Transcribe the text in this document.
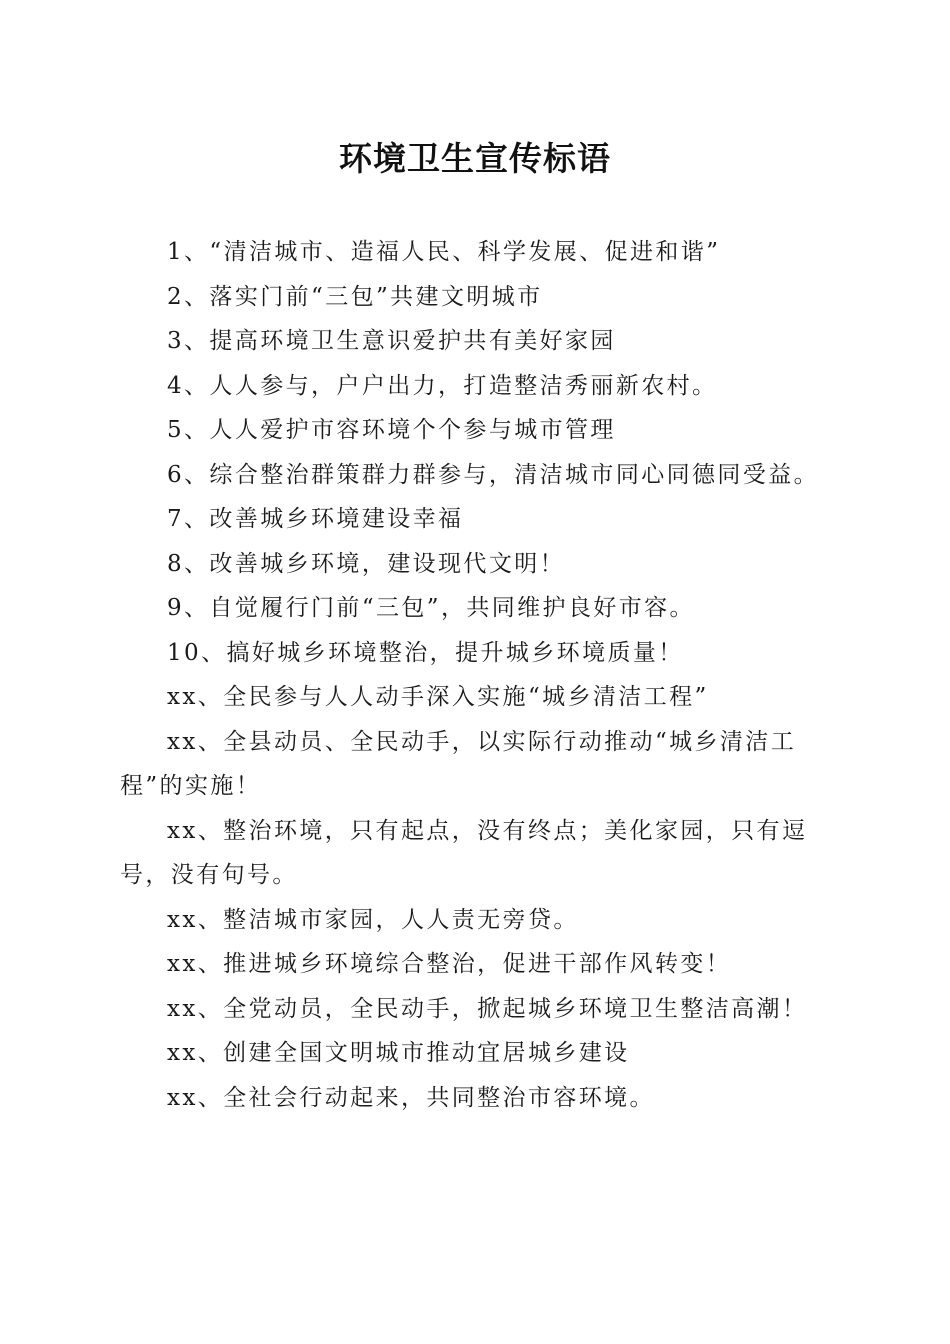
环境卫生宣传标语
1、“清洁城市、造福人民、科学发展、促进和谐”
2、落实门前“三包”共建文明城市
3、提高环境卫生意识爱护共有美好家园
4、人人参与，户户出力，打造整洁秀丽新农村。
5、人人爱护市容环境个个参与城市管理
6、综合整治群策群力群参与，清洁城市同心同德同受益。
7、改善城乡环境建设幸福
8、改善城乡环境，建设现代文明！
9、自觉履行门前“三包”，共同维护良好市容。
10、搞好城乡环境整治，提升城乡环境质量！
xx、全民参与人人动手深入实施“城乡清洁工程”
xx、全县动员、全民动手，以实际行动推动“城乡清洁工程”的实施！
xx、整治环境，只有起点，没有终点；美化家园，只有逗号，没有句号。
xx、整洁城市家园，人人责无旁贷。
xx、推进城乡环境综合整治，促进干部作风转变！
xx、全党动员，全民动手，掀起城乡环境卫生整洁高潮！
xx、创建全国文明城市推动宜居城乡建设
xx、全社会行动起来，共同整治市容环境。
